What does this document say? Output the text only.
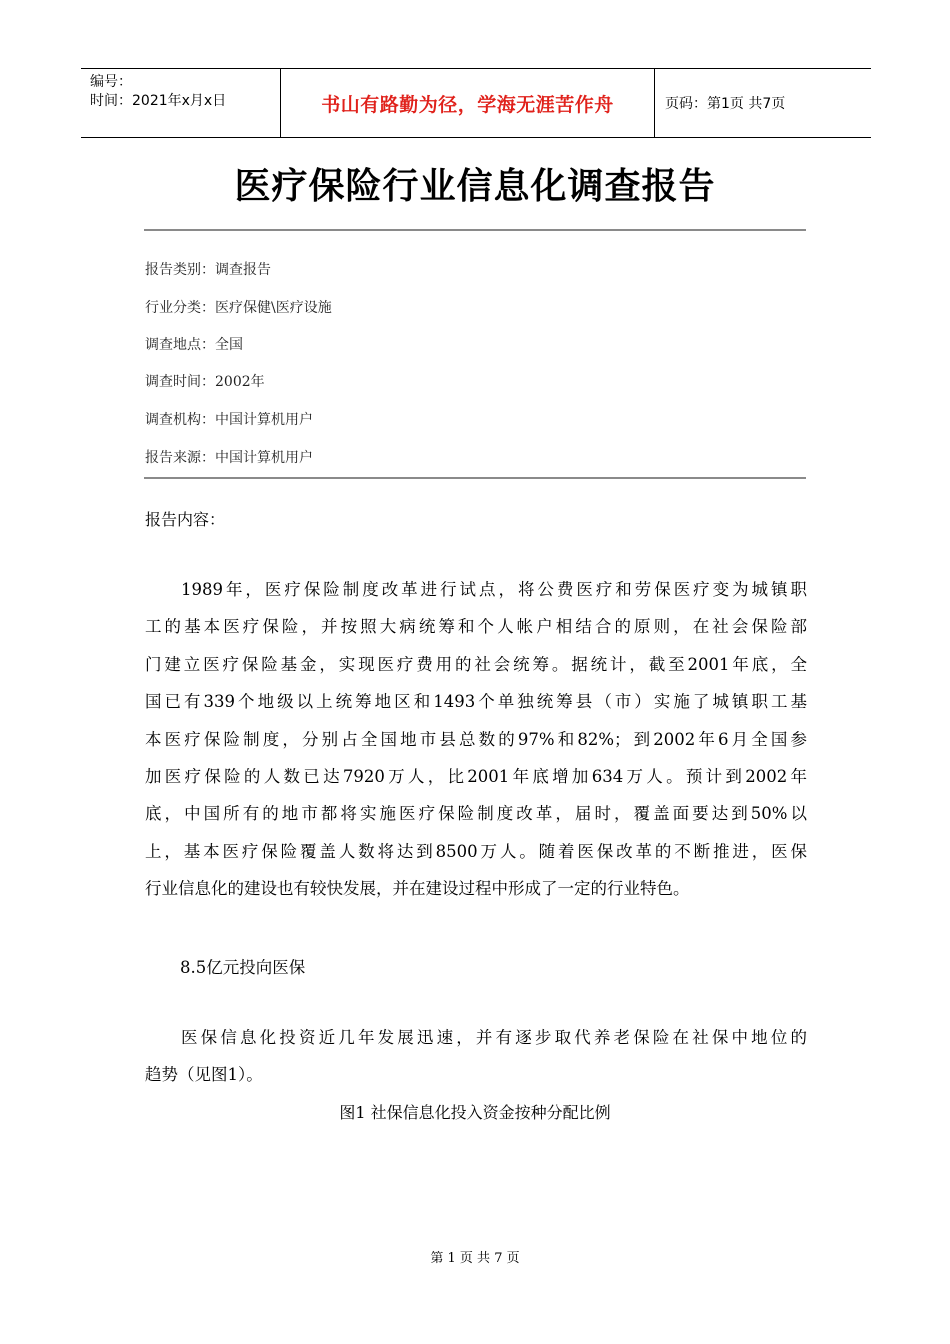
编号：
时间：2021年x月x日	书山有路勤为径，学海无涯苦作舟	页码：第1页 共7页
医疗保险行业信息化调查报告
报告类别：调查报告
行业分类：医疗保健\医疗设施
调查地点：全国
调查时间：2002年
调查机构：中国计算机用户
报告来源：中国计算机用户
报告内容：
1989年，医疗保险制度改革进行试点，将公费医疗和劳保医疗变为城镇职
工的基本医疗保险，并按照大病统筹和个人帐户相结合的原则，在社会保险部
门建立医疗保险基金，实现医疗费用的社会统筹。据统计，截至2001年底，全
国已有339个地级以上统筹地区和1493个单独统筹县（市）实施了城镇职工基
本医疗保险制度，分别占全国地市县总数的97%和82%；到2002年6月全国参
加医疗保险的人数已达7920万人，比2001年底增加634万人。预计到2002年
底，中国所有的地市都将实施医疗保险制度改革，届时，覆盖面要达到50%以
上，基本医疗保险覆盖人数将达到8500万人。随着医保改革的不断推进，医保
行业信息化的建设也有较快发展，并在建设过程中形成了一定的行业特色。
8.5亿元投向医保
医保信息化投资近几年发展迅速，并有逐步取代养老保险在社保中地位的
趋势（见图1）。
图1 社保信息化投入资金按种分配比例
第 1 页 共 7 页
